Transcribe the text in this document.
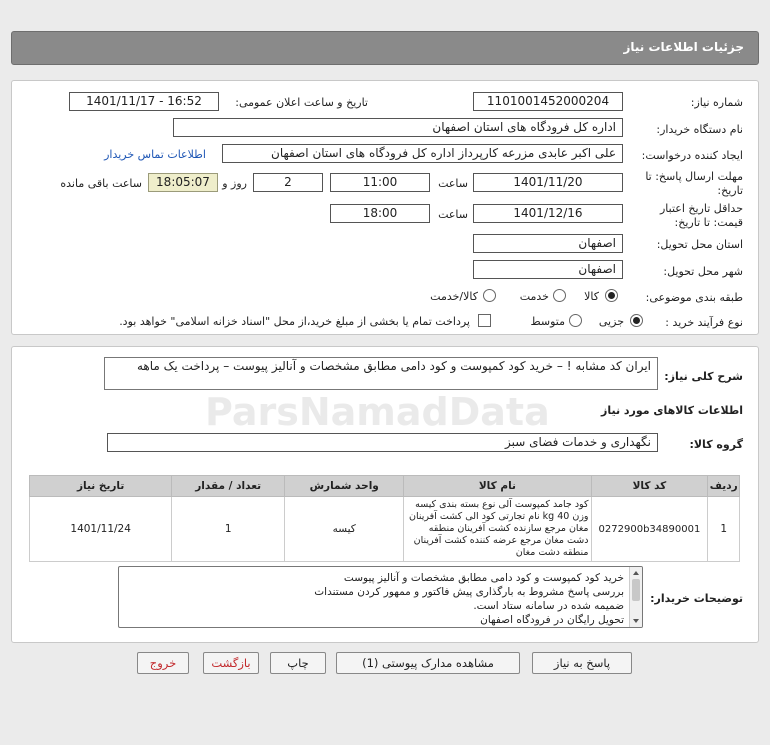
جزئیات اطلاعات نیاز
شماره نیاز:
1101001452000204
تاریخ و ساعت اعلان عمومی:
1401/11/17 - 16:52
نام دستگاه خریدار:
اداره کل فرودگاه های استان اصفهان
ایجاد کننده درخواست:
علی اکبر عابدی مزرعه کارپرداز اداره کل فرودگاه های استان اصفهان
اطلاعات تماس خریدار
مهلت ارسال پاسخ: تا
تاریخ:
1401/11/20
ساعت
11:00
2
روز و
18:05:07
ساعت باقی مانده
حداقل تاریخ اعتبار
قیمت: تا تاریخ:
1401/12/16
ساعت
18:00
استان محل تحویل:
اصفهان
شهر محل تحویل:
اصفهان
طبقه بندی موضوعی:
کالا
خدمت
کالا/خدمت
نوع فرآیند خرید :
جزیی
متوسط
پرداخت تمام یا بخشی از مبلغ خرید،از محل "اسناد خزانه اسلامی" خواهد بود.
شرح کلی نیاز:
ایران کد مشابه ! – خرید کود کمپوست و کود دامی مطابق مشخصات و آنالیز پیوست – پرداخت یک ماهه
اطلاعات کالاهای مورد نیاز
گروه کالا:
نگهداری و خدمات فضای سبز
ردیف	کد کالا	نام کالا	واحد شمارش	تعداد / مقدار	تاریخ نیاز
1	0272900b34890001	کود جامد کمپوست آلی نوع بسته بندی کیسه وزن 40 kg نام تجارتی کود الی کشت آفرینان مغان مرجع سازنده کشت آفرینان منطقه دشت مغان مرجع عرضه کننده کشت آفرینان منطقه دشت مغان	کیسه	1	1401/11/24
توضیحات خریدار:
خرید کود کمپوست و کود دامی مطابق مشخصات و آنالیز پیوست
بررسی پاسخ مشروط به بارگذاری پیش فاکتور و ممهور کردن مستندات ضمیمه شده در سامانه ستاد است.
تحویل رایگان در فرودگاه اصفهان
پاسخ به نیاز
مشاهده مدارک پیوستی (1)
چاپ
بازگشت
خروج
